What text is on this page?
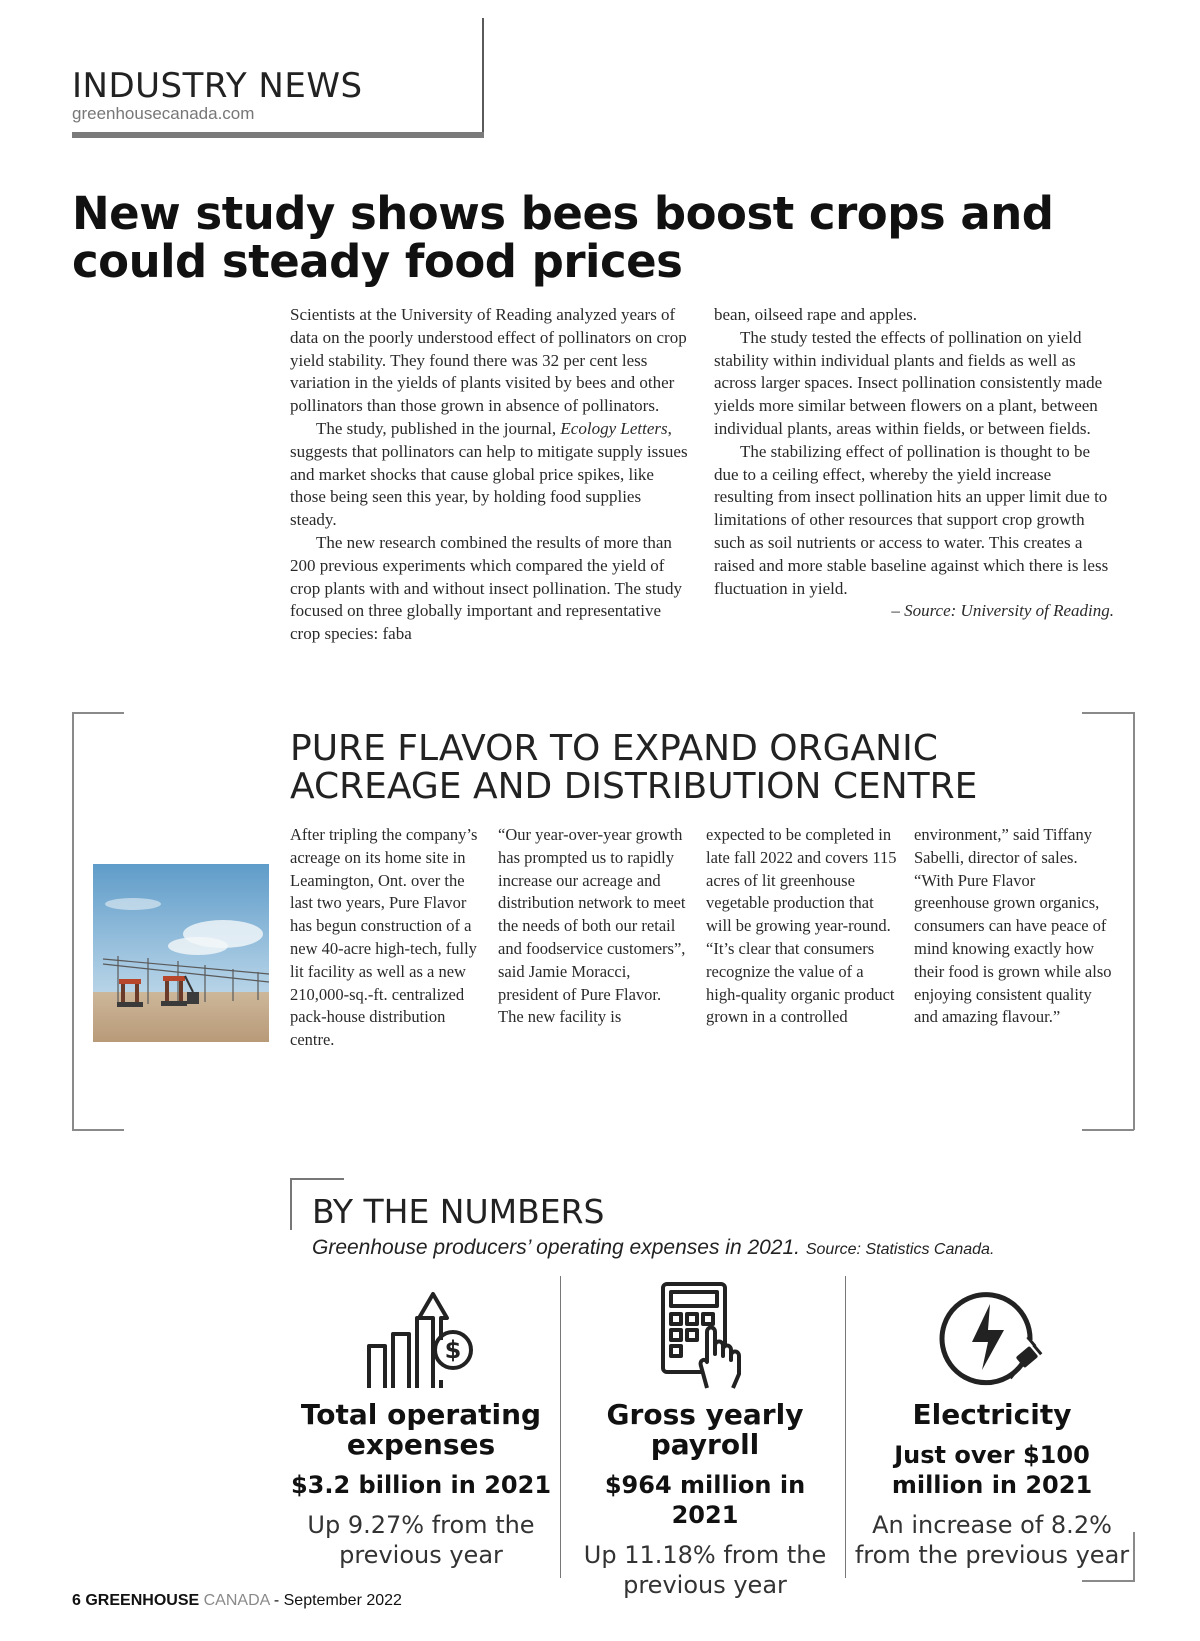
INDUSTRY NEWS
greenhousecanada.com
New study shows bees boost crops and could steady food prices

Scientists at the University of Reading analyzed years of data on the poorly understood effect of pollinators on crop yield stability. They found there was 32 per cent less variation in the yields of plants visited by bees and other pollinators than those grown in absence of pollinators.

The study, published in the journal, Ecology Letters, suggests that pollinators can help to mitigate supply issues and market shocks that cause global price spikes, like those being seen this year, by holding food supplies steady.

The new research combined the results of more than 200 previous experiments which compared the yield of crop plants with and without insect pollination. The study focused on three globally important and representative crop species: faba

bean, oilseed rape and apples.

The study tested the effects of pollination on yield stability within individual plants and fields as well as across larger spaces. Insect pollination consistently made yields more similar between flowers on a plant, between individual plants, areas within fields, or between fields.

The stabilizing effect of pollination is thought to be due to a ceiling effect, whereby the yield increase resulting from insect pollination hits an upper limit due to limitations of other resources that support crop growth such as soil nutrients or access to water. This creates a raised and more stable baseline against which there is less fluctuation in yield.

– Source: University of Reading.

PURE FLAVOR TO EXPAND ORGANIC
ACREAGE AND DISTRIBUTION CENTRE
After tripling the company’s acreage on its home site in Leamington, Ont. over the last two years, Pure Flavor has begun construction of a new 40-acre high-tech, fully lit facility as well as a new 210,000-sq.-ft. centralized pack-house distribution centre.

“Our year-over-year growth has prompted us to rapidly increase our acreage and distribution network to meet the needs of both our retail and foodservice customers”, said Jamie Moracci, president of Pure Flavor.

The new facility is

expected to be completed in late fall 2022 and covers 115 acres of lit greenhouse vegetable production that will be growing year-round.

“It’s clear that consumers recognize the value of a high-quality organic product grown in a controlled

environment,” said Tiffany Sabelli, director of sales. “With Pure Flavor greenhouse grown organics, consumers can have peace of mind knowing exactly how their food is grown while also enjoying consistent quality and amazing flavour.”

BY THE NUMBERS
Greenhouse producers’ operating expenses in 2021. Source: Statistics Canada.
$
Total operating expenses
$3.2 billion in 2021
Up 9.27% from the previous year
Gross yearly payroll
$964 million in 2021
Up 11.18% from the previous year
Electricity
Just over $100 million in 2021
An increase of 8.2% from the previous year
6 GREENHOUSE CANADA - September 2022
